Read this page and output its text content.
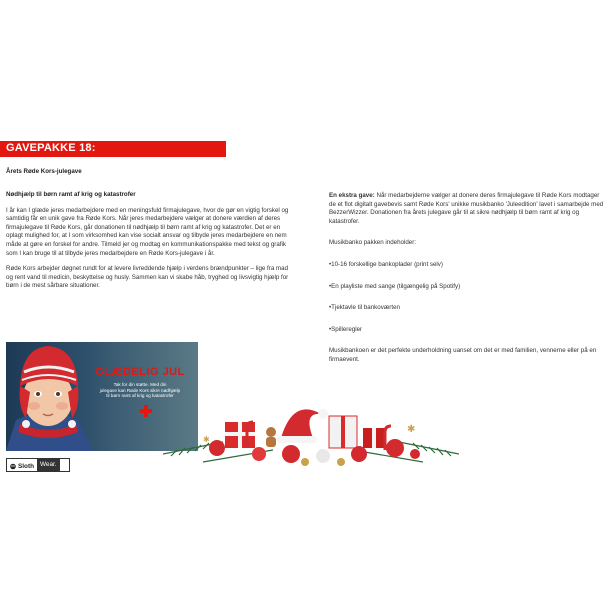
GAVEPAKKE 18:
Årets Røde Kors-julegave

Nødhjælp til børn ramt af krig og katastrofer

I år kan I glæde jeres medarbejdere med en meningsfuld firmajulegave, hvor de gør en vigtig forskel og samtidig får en unik gave fra Røde Kors. Når jeres medarbejdere vælger at donere værdien af deres firmajulegave til Røde Kors, går donationen til nødhjælp til børn ramt af krig og katastrofer. Det er en oplagt mulighed for, at I som virksomhed kan vise socialt ansvar og tilbyde jeres medarbejdere en nem måde at gøre en forskel for andre. Tilmeld jer og modtag en kommunikationspakke med tekst og grafik som I kan bruge til at tilbyde jeres medarbejdere en Røde Kors-julegave i år.

Røde Kors arbejder døgnet rundt for at levere livreddende hjælp i verdens brændpunkter – lige fra mad og rent vand til medicin, beskyttelse og husly. Sammen kan vi skabe håb, tryghed og livsvigtig hjælp for børn i de mest sårbare situationer.

GLÆDELIG JUL
Tak for din støtte. Med din
julegave kan Røde Kors sikre nødhjælp
til børn ramt af krig og katastrofer
Sloth Wear.
✱
✱

En ekstra gave: Når medarbejderne vælger at donere deres firmajulegave til Røde Kors modtager de et flot digitalt gavebevis samt Røde Kors' unikke musikbanko 'Juleedition' lavet i samarbejde med BezzerWizzer. Donationen fra årets julegave går til at sikre nødhjælp til børn ramt af krig og katastrofer.

Musikbanko pakken indeholder:

•10-16 forskellige bankoplader (print selv)

•En playliste med sange (tilgængelig på Spotify)

•Tjektavle til bankoværten

•Spilleregler

Musikbankoen er det perfekte underholdning uanset om det er med familien, vennerne eller på en firmaevent.
